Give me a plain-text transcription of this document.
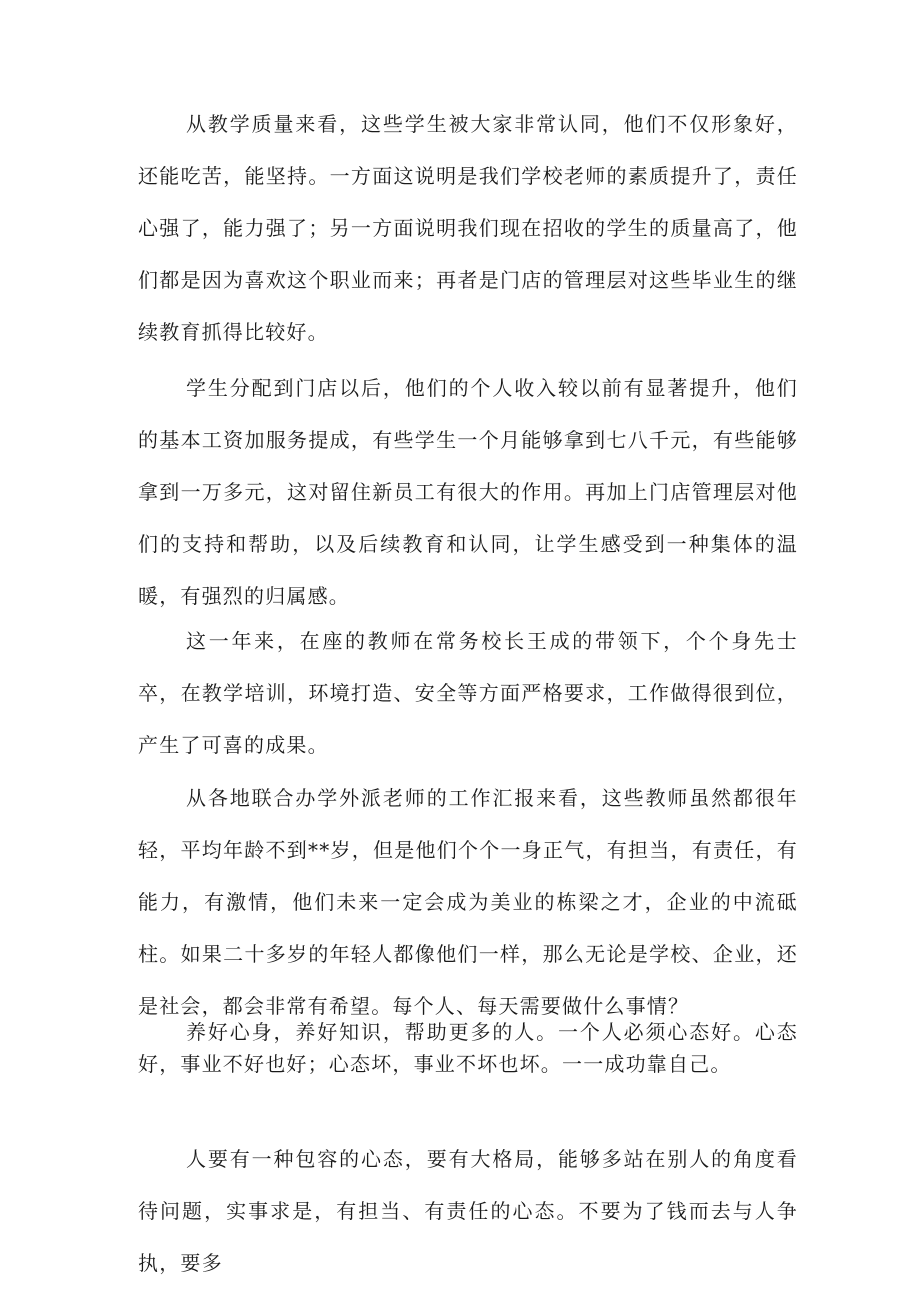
从教学质量来看，这些学生被大家非常认同，他们不仅形象好，还能吃苦，能坚持。一方面这说明是我们学校老师的素质提升了，责任心强了，能力强了；另一方面说明我们现在招收的学生的质量高了，他们都是因为喜欢这个职业而来；再者是门店的管理层对这些毕业生的继续教育抓得比较好。

学生分配到门店以后，他们的个人收入较以前有显著提升，他们的基本工资加服务提成，有些学生一个月能够拿到七八千元，有些能够拿到一万多元，这对留住新员工有很大的作用。再加上门店管理层对他们的支持和帮助，以及后续教育和认同，让学生感受到一种集体的温暖，有强烈的归属感。

这一年来，在座的教师在常务校长王成的带领下，个个身先士卒，在教学培训，环境打造、安全等方面严格要求，工作做得很到位，产生了可喜的成果。

从各地联合办学外派老师的工作汇报来看，这些教师虽然都很年轻，平均年龄不到**岁，但是他们个个一身正气，有担当，有责任，有能力，有激情，他们未来一定会成为美业的栋梁之才，企业的中流砥柱。如果二十多岁的年轻人都像他们一样，那么无论是学校、企业，还是社会，都会非常有希望。每个人、每天需要做什么事情？

养好心身，养好知识，帮助更多的人。一个人必须心态好。心态好，事业不好也好；心态坏，事业不坏也坏。一一成功靠自己。

人要有一种包容的心态，要有大格局，能够多站在别人的角度看待问题，实事求是，有担当、有责任的心态。不要为了钱而去与人争执，要多
